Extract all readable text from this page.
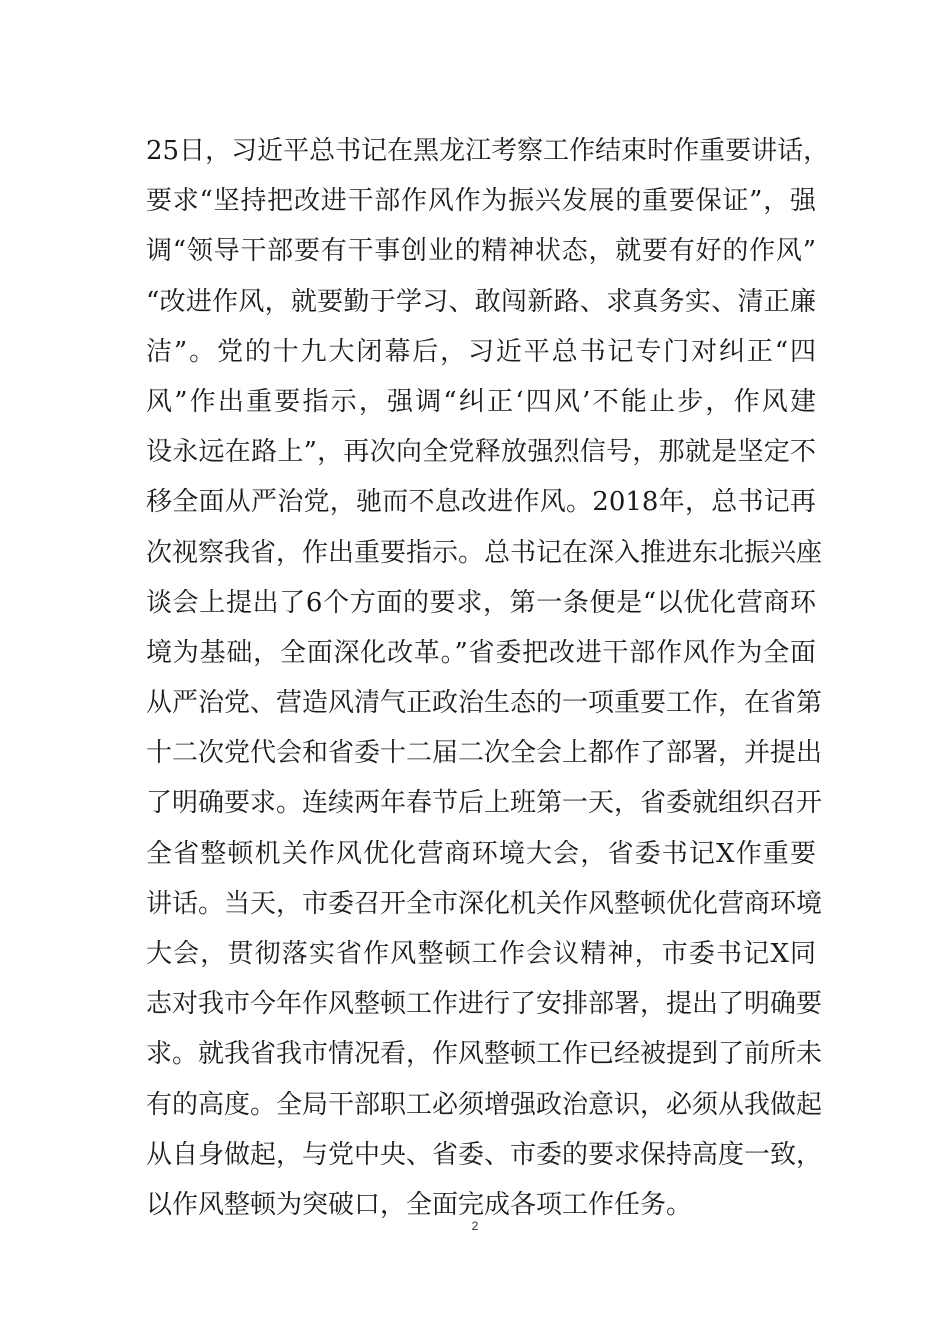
25日，习近平总书记在黑龙江考察工作结束时作重要讲话，
要求“坚持把改进干部作风作为振兴发展的重要保证”，强
调“领导干部要有干事创业的精神状态，就要有好的作风”
“改进作风，就要勤于学习、敢闯新路、求真务实、清正廉
洁”。党的十九大闭幕后，习近平总书记专门对纠正“四
风”作出重要指示，强调“纠正‘四风’不能止步，作风建
设永远在路上”，再次向全党释放强烈信号，那就是坚定不
移全面从严治党，驰而不息改进作风。2018年，总书记再
次视察我省，作出重要指示。总书记在深入推进东北振兴座
谈会上提出了6个方面的要求，第一条便是“以优化营商环
境为基础，全面深化改革。”省委把改进干部作风作为全面
从严治党、营造风清气正政治生态的一项重要工作，在省第
十二次党代会和省委十二届二次全会上都作了部署，并提出
了明确要求。连续两年春节后上班第一天，省委就组织召开
全省整顿机关作风优化营商环境大会，省委书记X作重要
讲话。当天，市委召开全市深化机关作风整顿优化营商环境
大会，贯彻落实省作风整顿工作会议精神，市委书记X同
志对我市今年作风整顿工作进行了安排部署，提出了明确要
求。就我省我市情况看，作风整顿工作已经被提到了前所未
有的高度。全局干部职工必须增强政治意识，必须从我做起
从自身做起，与党中央、省委、市委的要求保持高度一致，
以作风整顿为突破口，全面完成各项工作任务。
2
